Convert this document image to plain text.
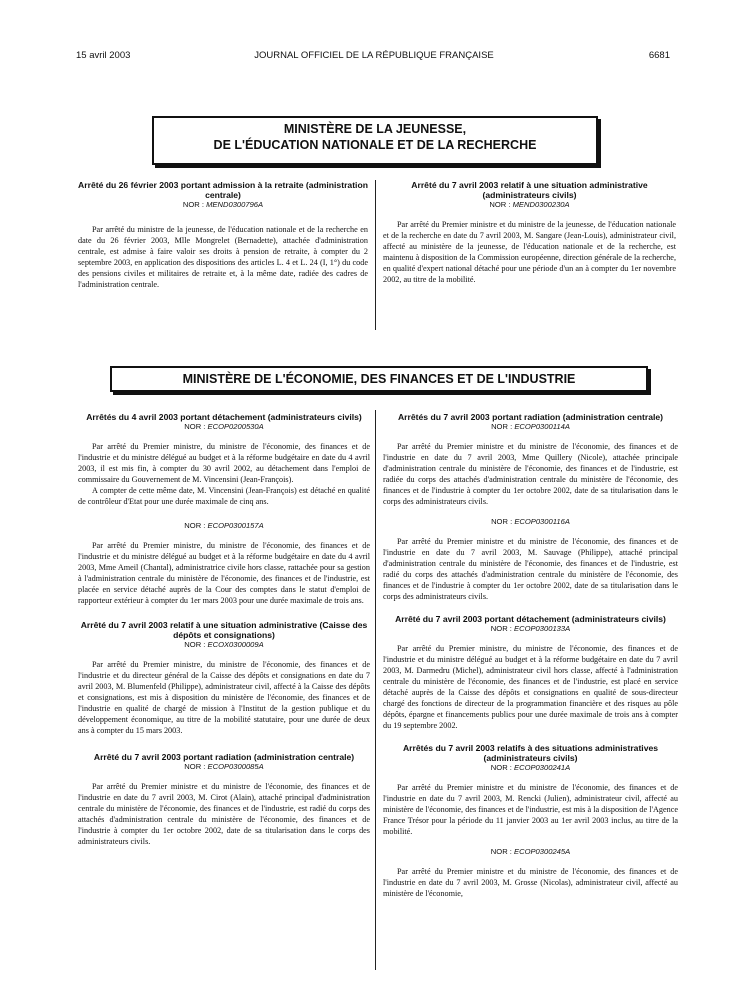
15 avril 2003	JOURNAL OFFICIEL DE LA RÉPUBLIQUE FRANÇAISE	6681
MINISTÈRE DE LA JEUNESSE,
DE L'ÉDUCATION NATIONALE ET DE LA RECHERCHE
Arrêté du 26 février 2003 portant admission à la retraite (administration centrale)
NOR : MEND0300796A

Par arrêté du ministre de la jeunesse, de l'éducation nationale et de la recherche en date du 26 février 2003, Mlle Mongrelet (Bernadette), attachée d'administration centrale, est admise à faire valoir ses droits à pension de retraite, à compter du 2 septembre 2003, en application des dispositions des articles L. 4 et L. 24 (I, 1°) du code des pensions civiles et militaires de retraite et, à la même date, radiée des cadres de l'administration centrale.

Arrêté du 7 avril 2003 relatif à une situation administrative (administrateurs civils)
NOR : MEND0300230A

Par arrêté du Premier ministre et du ministre de la jeunesse, de l'éducation nationale et de la recherche en date du 7 avril 2003, M. Sangare (Jean-Louis), administrateur civil, affecté au ministère de la jeunesse, de l'éducation nationale et de la recherche, est maintenu à disposition de la Commission européenne, direction générale de la recherche, en qualité d'expert national détaché pour une période d'un an à compter du 1er novembre 2002, au titre de la mobilité.

MINISTÈRE DE L'ÉCONOMIE, DES FINANCES ET DE L'INDUSTRIE
Arrêtés du 4 avril 2003 portant détachement (administrateurs civils)
NOR : ECOP0200530A

Par arrêté du Premier ministre, du ministre de l'économie, des finances et de l'industrie et du ministre délégué au budget et à la réforme budgétaire en date du 4 avril 2003, il est mis fin, à compter du 30 avril 2002, au détachement dans l'emploi de commissaire du Gouvernement de M. Vincensini (Jean-François).

A compter de cette même date, M. Vincensini (Jean-François) est détaché en qualité de contrôleur d'Etat pour une durée maximale de cinq ans.

NOR : ECOP0300157A

Par arrêté du Premier ministre, du ministre de l'économie, des finances et de l'industrie et du ministre délégué au budget et à la réforme budgétaire en date du 4 avril 2003, Mme Ameil (Chantal), administratrice civile hors classe, rattachée pour sa gestion à l'administration centrale du ministère de l'économie, des finances et de l'industrie, est placée en service détaché auprès de la Cour des comptes dans le statut d'emploi de rapporteur extérieur à compter du 1er mars 2003 pour une durée maximale de trois ans.

Arrêté du 7 avril 2003 relatif à une situation administrative (Caisse des dépôts et consignations)
NOR : ECOX0300009A

Par arrêté du Premier ministre, du ministre de l'économie, des finances et de l'industrie et du directeur général de la Caisse des dépôts et consignations en date du 7 avril 2003, M. Blumenfeld (Philippe), administrateur civil, affecté à la Caisse des dépôts et consignations, est mis à disposition du ministère de l'économie, des finances et de l'industrie en qualité de chargé de mission à l'Institut de la gestion publique et du développement économique, au titre de la mobilité statutaire, pour une durée de deux ans à compter du 15 mars 2003.

Arrêté du 7 avril 2003 portant radiation (administration centrale)
NOR : ECOP0300085A

Par arrêté du Premier ministre et du ministre de l'économie, des finances et de l'industrie en date du 7 avril 2003, M. Cirot (Alain), attaché principal d'administration centrale du ministère de l'économie, des finances et de l'industrie, est radié du corps des attachés d'administration centrale du ministère de l'économie, des finances et de l'industrie à compter du 1er octobre 2002, date de sa titularisation dans le corps des administrateurs civils.

Arrêtés du 7 avril 2003 portant radiation (administration centrale)
NOR : ECOP0300114A

Par arrêté du Premier ministre et du ministre de l'économie, des finances et de l'industrie en date du 7 avril 2003, Mme Quillery (Nicole), attachée principale d'administration centrale du ministère de l'économie, des finances et de l'industrie, est radiée du corps des attachés d'administration centrale du ministère de l'économie, des finances et de l'industrie à compter du 1er octobre 2002, date de sa titularisation dans le corps des administrateurs civils.

NOR : ECOP0300116A

Par arrêté du Premier ministre et du ministre de l'économie, des finances et de l'industrie en date du 7 avril 2003, M. Sauvage (Philippe), attaché principal d'administration centrale du ministère de l'économie, des finances et de l'industrie, est radié du corps des attachés d'administration centrale du ministère de l'économie, des finances et de l'industrie à compter du 1er octobre 2002, date de sa titularisation dans le corps des administrateurs civils.

Arrêté du 7 avril 2003 portant détachement (administrateurs civils)
NOR : ECOP0300133A

Par arrêté du Premier ministre, du ministre de l'économie, des finances et de l'industrie et du ministre délégué au budget et à la réforme budgétaire en date du 7 avril 2003, M. Darmedru (Michel), administrateur civil hors classe, affecté à l'administration centrale du ministère de l'économie, des finances et de l'industrie, est placé en service détaché auprès de la Caisse des dépôts et consignations en qualité de sous-directeur chargé des fonctions de directeur de la programmation financière et des risques au pôle dépôts, épargne et financements publics pour une durée maximale de trois ans à compter du 19 septembre 2002.

Arrêtés du 7 avril 2003 relatifs à des situations administratives (administrateurs civils)
NOR : ECOP0300241A

Par arrêté du Premier ministre et du ministre de l'économie, des finances et de l'industrie en date du 7 avril 2003, M. Rencki (Julien), administrateur civil, affecté au ministère de l'économie, des finances et de l'industrie, est mis à la disposition de l'Agence France Trésor pour la période du 11 janvier 2003 au 1er avril 2003 inclus, au titre de la mobilité.

NOR : ECOP0300245A

Par arrêté du Premier ministre et du ministre de l'économie, des finances et de l'industrie en date du 7 avril 2003, M. Grosse (Nicolas), administrateur civil, affecté au ministère de l'économie,
